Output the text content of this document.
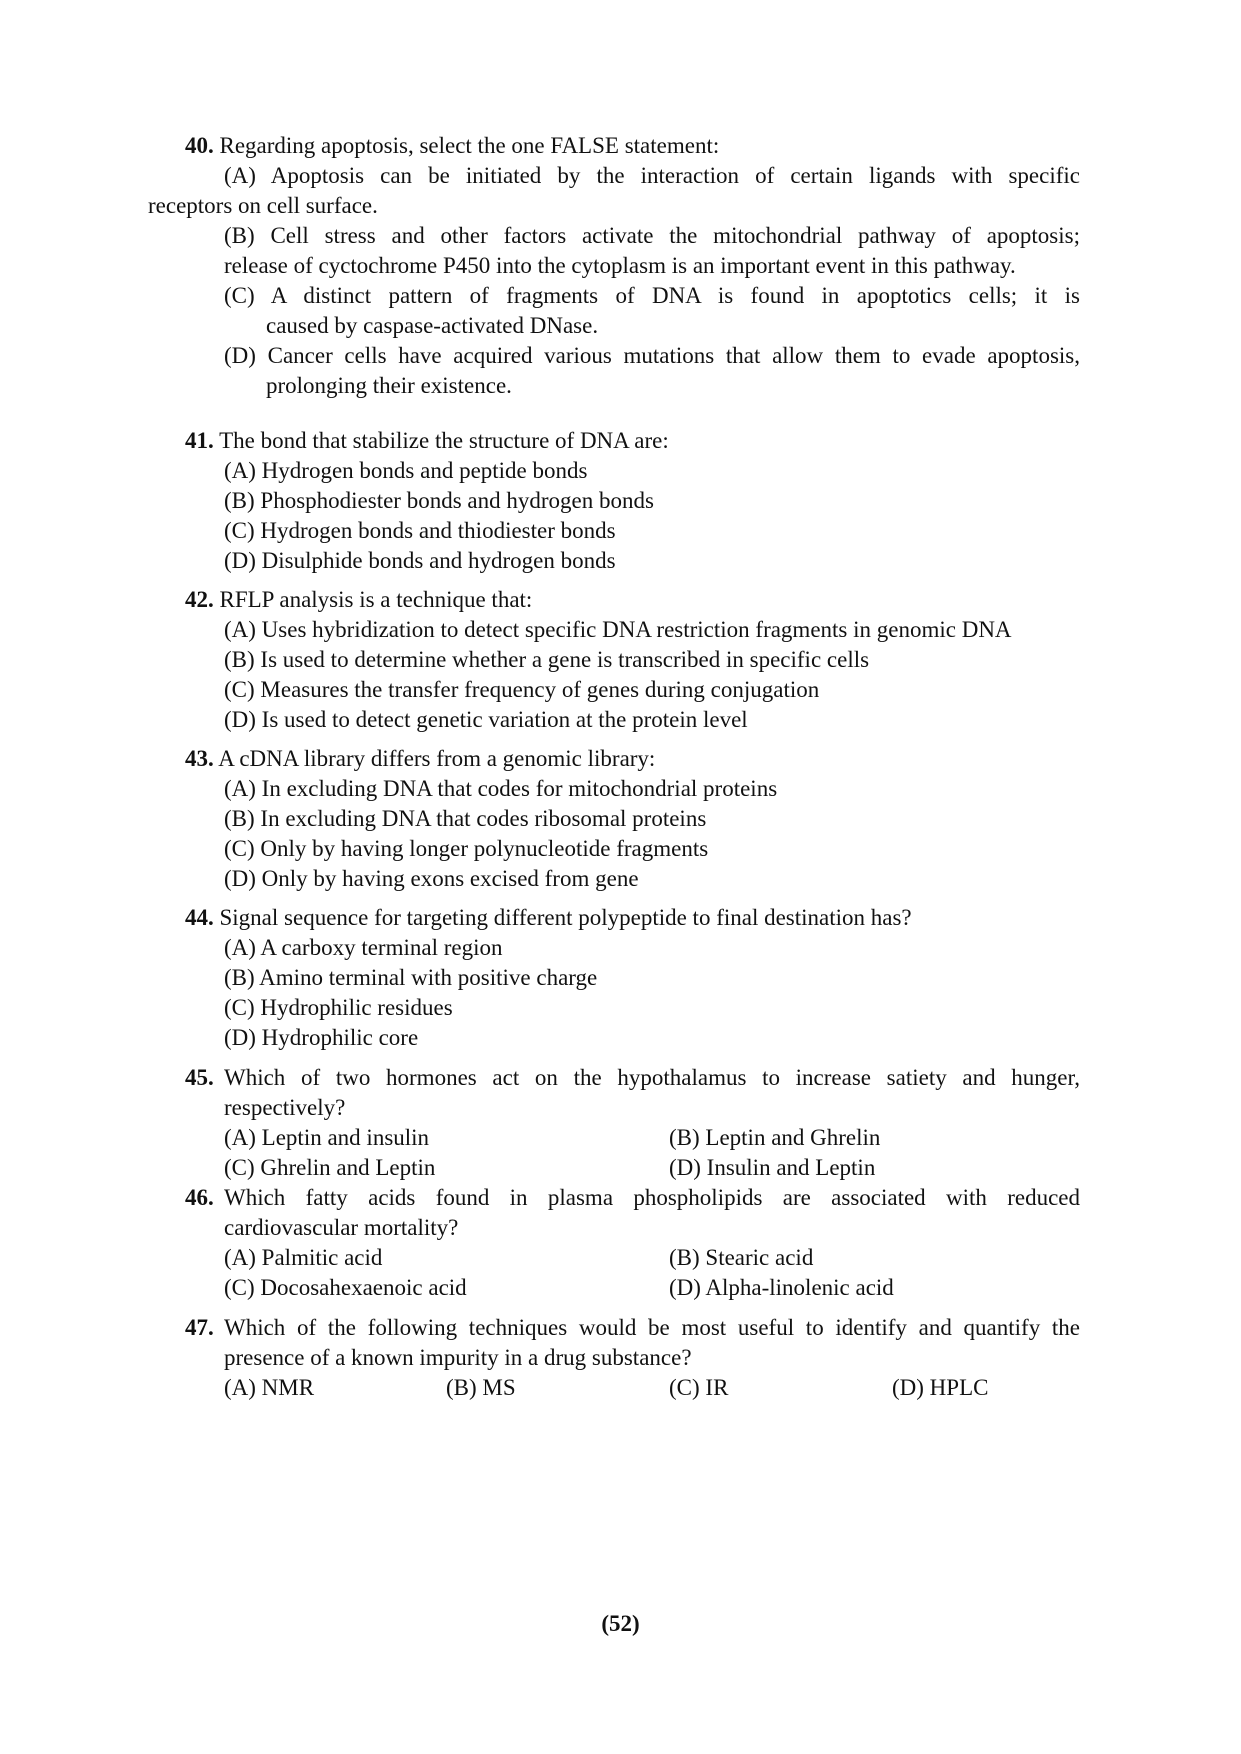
40. Regarding apoptosis, select the one FALSE statement:
(A) Apoptosis can be initiated by the interaction of certain ligands with specific
receptors on cell surface.
(B) Cell stress and other factors activate the mitochondrial pathway of apoptosis;
release of cyctochrome P450 into the cytoplasm is an important event in this pathway.
(C) A distinct pattern of fragments of DNA is found in apoptotics cells; it is
caused by caspase-activated DNase.
(D) Cancer cells have acquired various mutations that allow them to evade apoptosis,
prolonging their existence.
41. The bond that stabilize the structure of DNA are:
(A) Hydrogen bonds and peptide bonds
(B) Phosphodiester bonds and hydrogen bonds
(C) Hydrogen bonds and thiodiester bonds
(D) Disulphide bonds and hydrogen bonds
42. RFLP analysis is a technique that:
(A) Uses hybridization to detect specific DNA restriction fragments in genomic DNA
(B) Is used to determine whether a gene is transcribed in specific cells
(C) Measures the transfer frequency of genes during conjugation
(D) Is used to detect genetic variation at the protein level
43. A cDNA library differs from a genomic library:
(A) In excluding DNA that codes for mitochondrial proteins
(B) In excluding DNA that codes ribosomal proteins
(C) Only by having longer polynucleotide fragments
(D) Only by having exons excised from gene
44. Signal sequence for targeting different polypeptide to final destination has?
(A) A carboxy terminal region
(B) Amino terminal with positive charge
(C) Hydrophilic residues
(D) Hydrophilic core
45. Which of two hormones act on the hypothalamus to increase satiety and hunger,
respectively?
(A) Leptin and insulin	(B) Leptin and Ghrelin
(C) Ghrelin and Leptin	(D) Insulin and Leptin
46. Which fatty acids found in plasma phospholipids are associated with reduced
cardiovascular mortality?
(A) Palmitic acid	(B) Stearic acid
(C) Docosahexaenoic acid	(D) Alpha-linolenic acid
47. Which of the following techniques would be most useful to identify and quantify the
presence of a known impurity in a drug substance?
(A) NMR	(B) MS	(C) IR	(D) HPLC
(52)
